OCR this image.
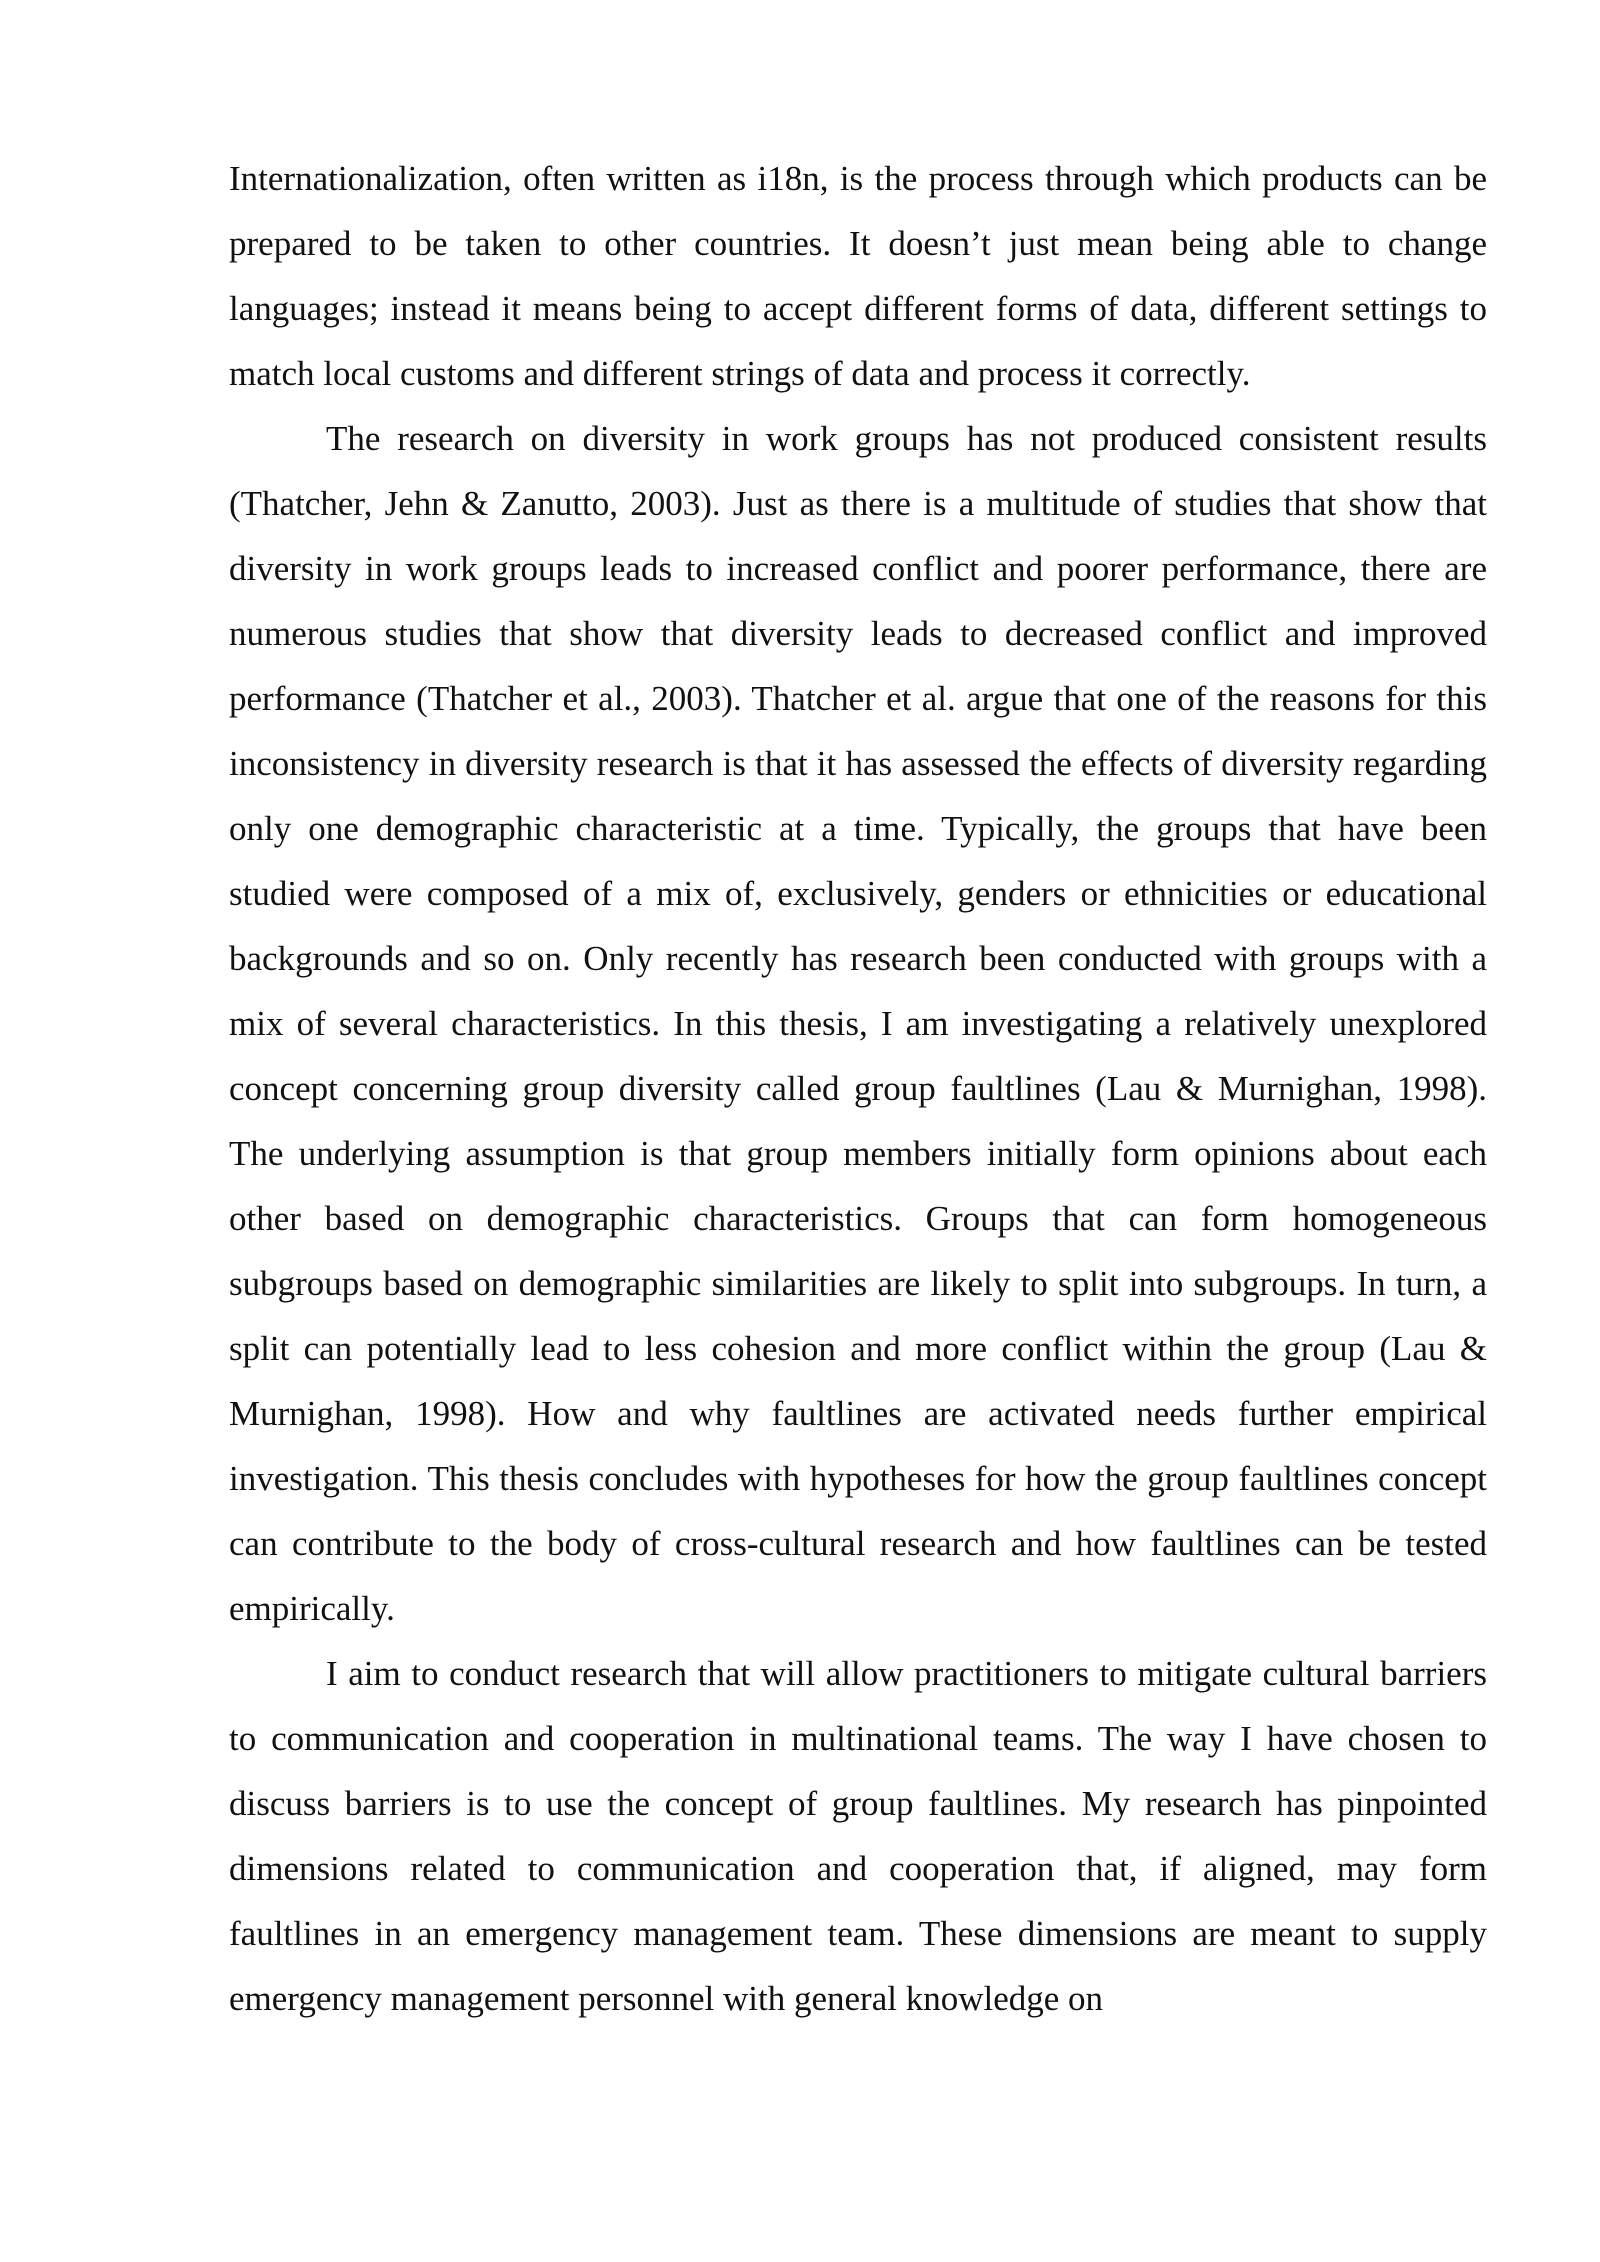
Internationalization, often written as i18n, is the process through which products can be prepared to be taken to other countries. It doesn’t just mean being able to change languages; instead it means being to accept different forms of data, different settings to match local customs and different strings of data and process it correctly.

The research on diversity in work groups has not produced consistent results (Thatcher, Jehn & Zanutto, 2003). Just as there is a multitude of studies that show that diversity in work groups leads to increased conflict and poorer performance, there are numerous studies that show that diversity leads to decreased conflict and improved performance (Thatcher et al., 2003). Thatcher et al. argue that one of the reasons for this inconsistency in diversity research is that it has assessed the effects of diversity regarding only one demographic characteristic at a time. Typically, the groups that have been studied were composed of a mix of, exclusively, genders or ethnicities or educational backgrounds and so on. Only recently has research been conducted with groups with a mix of several characteristics. In this thesis, I am investigating a relatively unexplored concept concerning group diversity called group faultlines (Lau & Murnighan, 1998). The underlying assumption is that group members initially form opinions about each other based on demographic characteristics. Groups that can form homogeneous subgroups based on demographic similarities are likely to split into subgroups. In turn, a split can potentially lead to less cohesion and more conflict within the group (Lau & Murnighan, 1998). How and why faultlines are activated needs further empirical investigation. This thesis concludes with hypotheses for how the group faultlines concept can contribute to the body of cross-cultural research and how faultlines can be tested empirically.

I aim to conduct research that will allow practitioners to mitigate cultural barriers to communication and cooperation in multinational teams. The way I have chosen to discuss barriers is to use the concept of group faultlines. My research has pinpointed dimensions related to communication and cooperation that, if aligned, may form faultlines in an emergency management team. These dimensions are meant to supply emergency management personnel with general knowledge on
